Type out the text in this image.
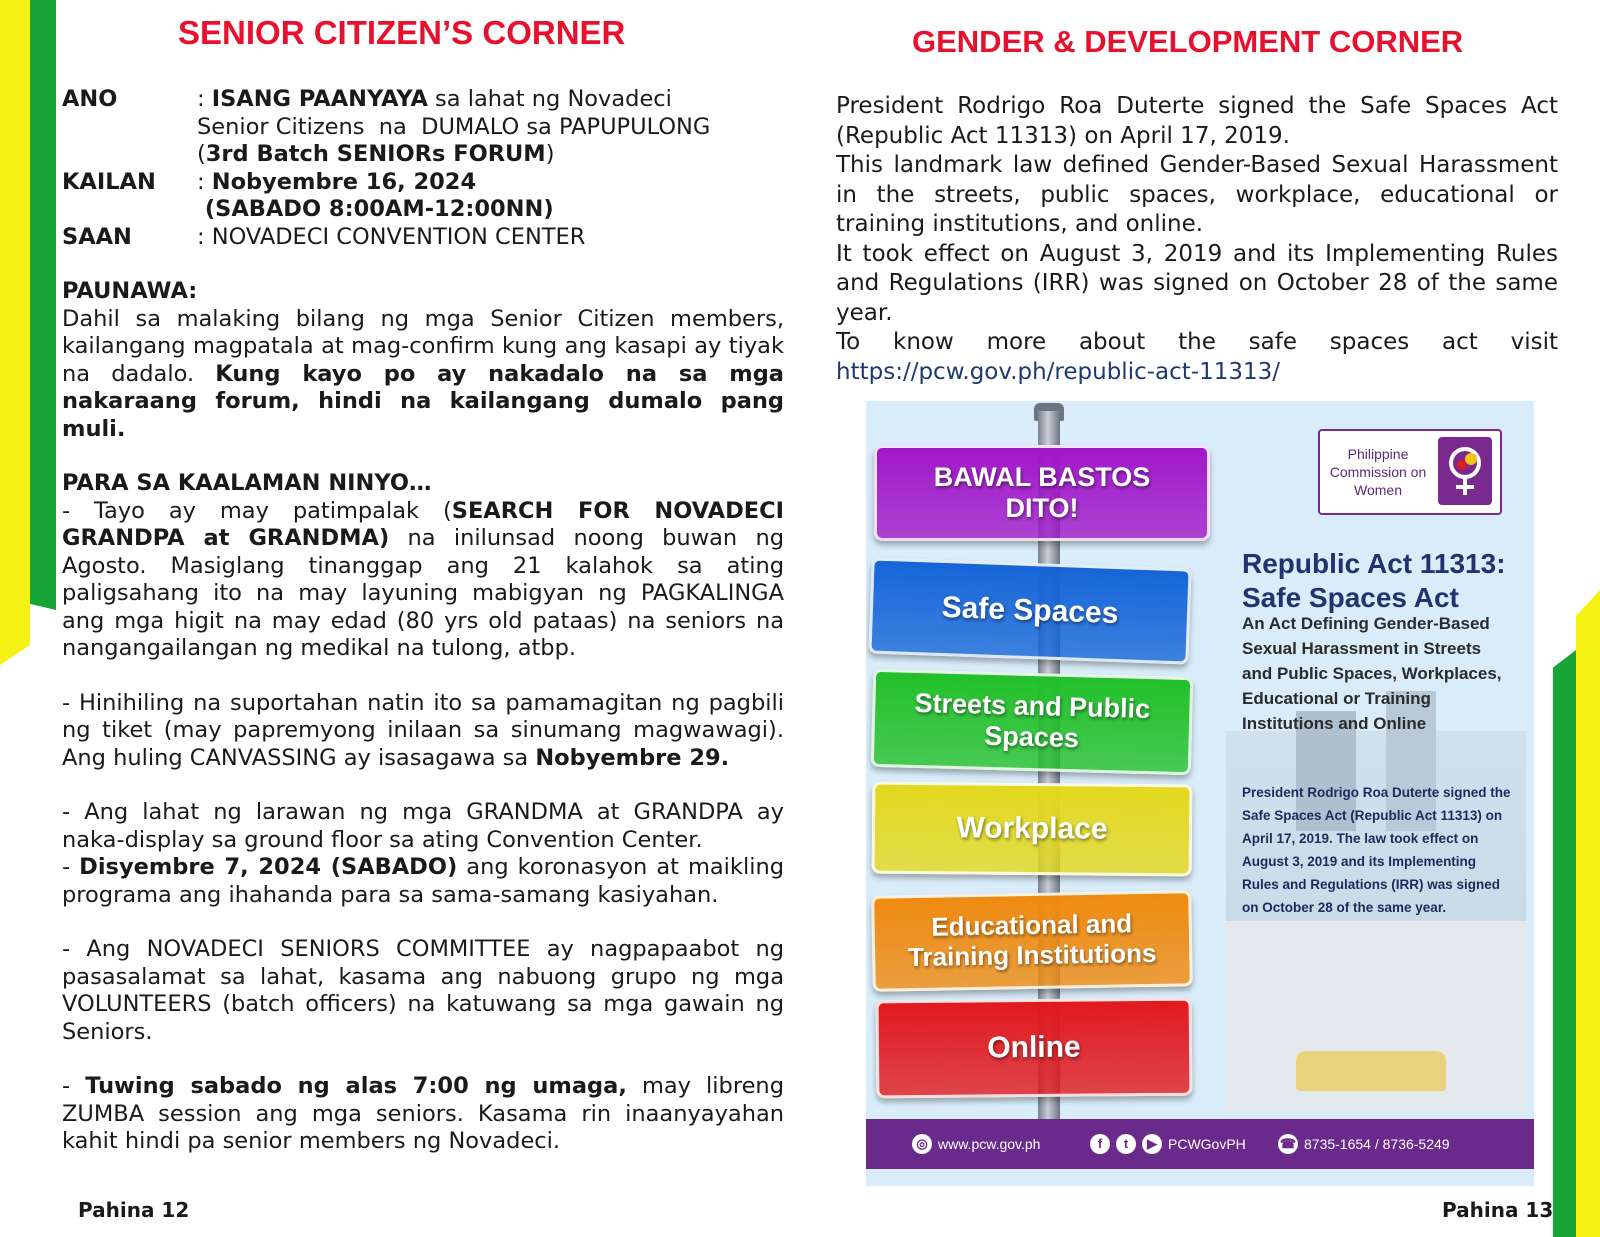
SENIOR CITIZEN’S CORNER
ANO	: ISANG PAANYAYA sa lahat ng Novadeci
Senior Citizens  na  DUMALO sa PAPUPULONG
(3rd Batch SENIORs FORUM)
KAILAN	: Nobyembre 16, 2024
(SABADO 8:00AM-12:00NN)
SAAN	: NOVADECI CONVENTION CENTER

PAUNAWA:

Dahil sa malaking bilang ng mga Senior Citizen members, kailangang magpatala at mag-confirm kung ang kasapi ay tiyak na dadalo. Kung kayo po ay nakadalo na sa mga nakaraang forum, hindi na kailangang dumalo pang muli.

PARA SA KAALAMAN NINYO…

- Tayo ay may patimpalak (SEARCH FOR NOVADECI GRANDPA at GRANDMA) na inilunsad noong buwan ng Agosto. Masiglang tinanggap ang 21 kalahok sa ating paligsahang ito na may layuning mabigyan ng PAGKALINGA ang mga higit na may edad (80 yrs old pataas) na seniors na nangangailangan ng medikal na tulong, atbp.

- Hinihiling na suportahan natin ito sa pamamagitan ng pagbili ng tiket (may papremyong inilaan sa sinumang magwawagi). Ang huling CANVASSING ay isasagawa sa Nobyembre 29.

- Ang lahat ng larawan ng mga GRANDMA at GRANDPA ay naka-display sa ground floor sa ating Convention Center.

- Disyembre 7, 2024 (SABADO) ang koronasyon at maikling programa ang ihahanda para sa sama-samang kasiyahan.

- Ang NOVADECI SENIORS COMMITTEE ay nagpapaabot ng pasasalamat sa lahat, kasama ang nabuong grupo ng mga VOLUNTEERS (batch officers) na katuwang sa mga gawain ng Seniors.

- Tuwing sabado ng alas 7:00 ng umaga, may libreng ZUMBA session ang mga seniors. Kasama rin inaanyayahan kahit hindi pa senior members ng Novadeci.

Pahina 12
GENDER & DEVELOPMENT CORNER

President Rodrigo Roa Duterte signed the Safe Spaces Act (Republic Act 11313) on April 17, 2019.

This landmark law defined Gender-Based Sexual Harassment in the streets, public spaces, workplace, educational or training institutions, and online.

It took effect on August 3, 2019 and its Implementing Rules and Regulations (IRR) was signed on October 28 of the same year.

To know more about the safe spaces act visit

https://pcw.gov.ph/republic-act-11313/

BAWAL BASTOS DITO!
Safe Spaces
Streets and Public Spaces
Workplace
Educational and Training Institutions
Online
Philippine Commission on Women
Republic Act 11313: Safe Spaces Act
An Act Defining Gender-Based Sexual Harassment in Streets and Public Spaces, Workplaces, Educational or Training Institutions and Online
President Rodrigo Roa Duterte signed the Safe Spaces Act (Republic Act 11313) on April 17, 2019. The law took effect on August 3, 2019 and its Implementing Rules and Regulations (IRR) was signed on October 28 of the same year.
◎ www.pcw.gov.ph	f	t	▶ PCWGovPH	☎ 8735-1654 / 8736-5249
Pahina 13
